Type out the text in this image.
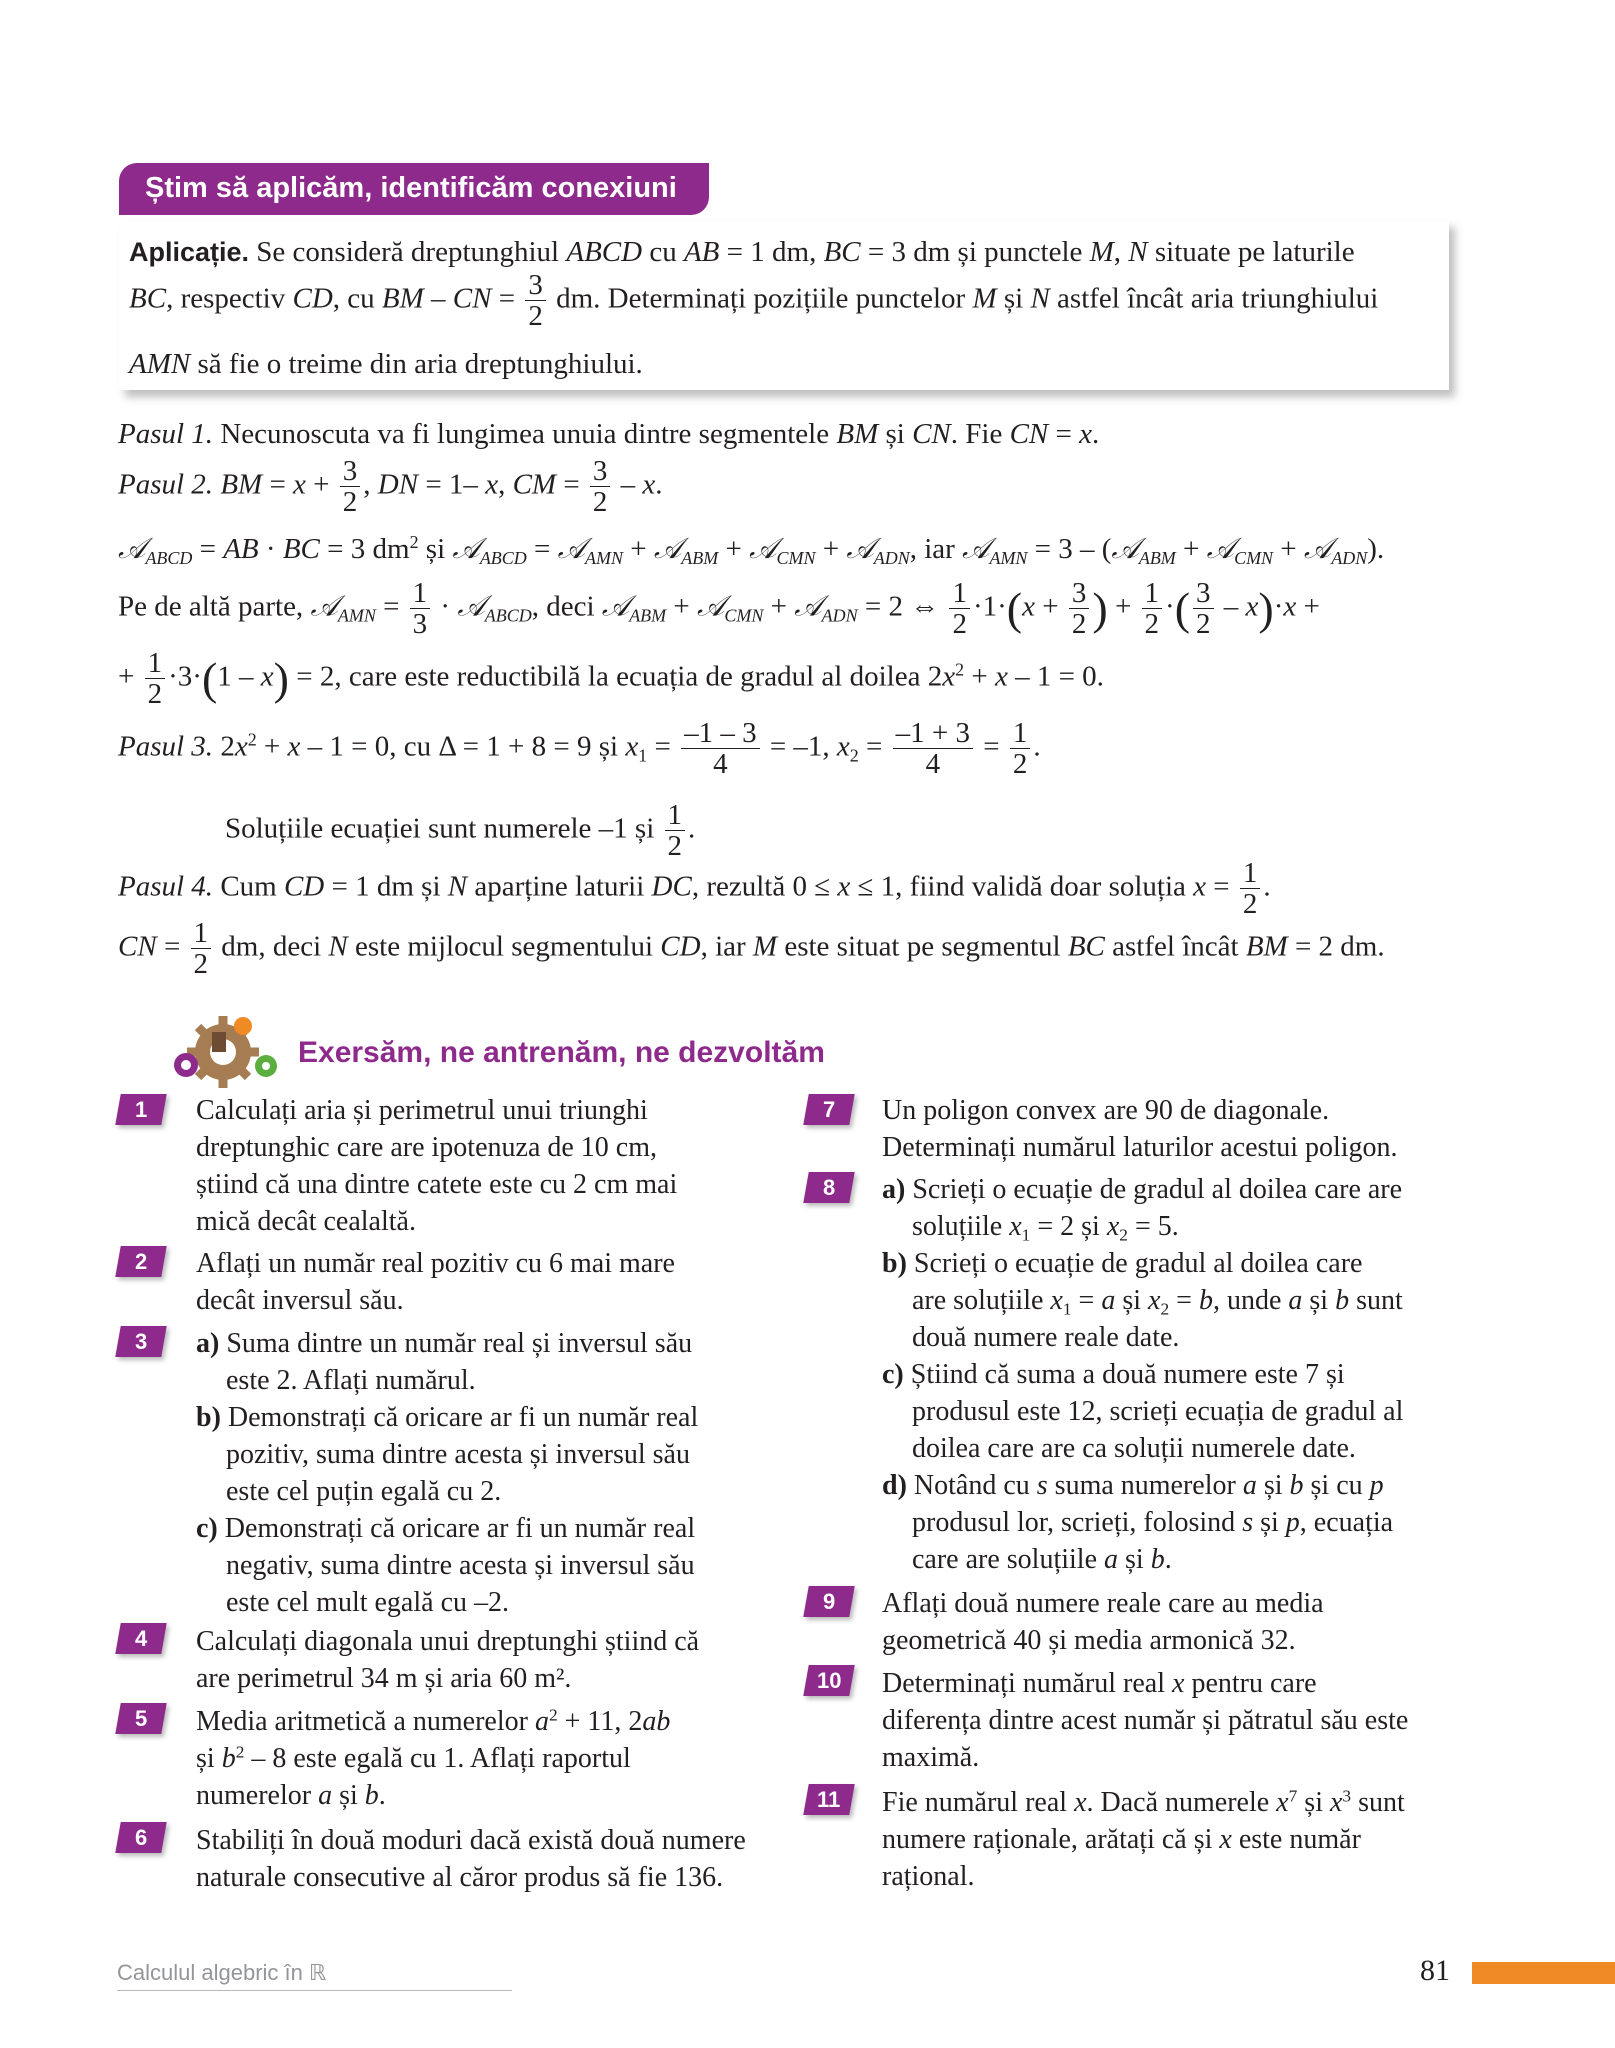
Știm să aplicăm, identificăm conexiuni
Aplicație. Se consideră dreptunghiul ABCD cu AB = 1 dm, BC = 3 dm și punctele M, N situate pe laturile
BC, respectiv CD, cu BM – CN = $\frac{3}{2}$ dm. Determinați pozițiile punctelor M și N astfel încât aria triunghiului
AMN să fie o treime din aria dreptunghiului.
Pasul 1. Necunoscuta va fi lungimea unuia dintre segmentele BM și CN. Fie CN = x.
Pasul 2. BM = $x + \frac{3}{2}$ , DN = 1– x, CM = $\frac{3}{2}$ – x.
𝒜$_{ABCD}$ = AB · BC = 3 $dm^2$ și 𝒜$_{ABCD}$ = 𝒜$_{AMN}$ + 𝒜$_{ABM}$ + 𝒜$_{CMN}$ + 𝒜$_{ADN}$, iar 𝒜$_{AMN}$ = 3 – (𝒜$_{ABM}$ + 𝒜$_{CMN}$ + 𝒜$_{ADN}$).
Pe de altă parte, 𝒜$_{AMN}$ = $\frac{1}{3}$ · 𝒜$_{ABCD}$, deci 𝒜$_{ABM}$ + 𝒜$_{CMN}$ + 𝒜$_{ADN}$ = 2 ⇔ $\frac{1}{2} \cdot 1\cdot(x + \frac{3}{2}$ ) + $\frac{1}{2}$ ·( $\frac{3}{2} - x)\cdot x$ +
+ $\frac{1}{2} \cdot 3\cdot(1 - x) = 2$, care este reductibilă la ecuația de gradul al doilea $2x^2 + x - 1 = 0$.
Pasul 3. $2x^2 + x - 1 = 0$, cu Δ = 1 + 8 = 9 și $x_1 = \frac{-1 - 3}{4} = -1$, $x_2 = \frac{-1 + 3}{4} = \frac{1}{2}$ .
Soluțiile ecuației sunt numerele –1 și $\frac{1}{2}$ .
Pasul 4. Cum CD = 1 dm și N aparține laturii DC, rezultă 0 ≤ x ≤ 1, fiind validă doar soluția $x = \frac{1}{2}$ .
CN = $\frac{1}{2}$ dm, deci N este mijlocul segmentului CD, iar M este situat pe segmentul BC astfel încât BM = 2 dm.
Exersăm, ne antrenăm, ne dezvoltăm
1	Calculați aria și perimetrul unui triunghi

dreptunghic care are ipotenuza de 10 cm,

știind că una dintre catete este cu 2 cm mai

mică decât cealaltă.

2	Aflați un număr real pozitiv cu 6 mai mare

decât inversul său.

3	a) Suma dintre un număr real și inversul său

este 2. Aflați numărul.

b) Demonstrați că oricare ar fi un număr real

pozitiv, suma dintre acesta și inversul său

este cel puțin egală cu 2.

c) Demonstrați că oricare ar fi un număr real

negativ, suma dintre acesta și inversul său

este cel mult egală cu –2.

4	Calculați diagonala unui dreptunghi știind că

are perimetrul 34 m și aria 60 m².

5	Media aritmetică a numerelor $a^2 + 11$, 2ab

și $b^2 - 8$ este egală cu 1. Aflați raportul

numerelor a și b.

6	Stabiliți în două moduri dacă există două numere

naturale consecutive al căror produs să fie 136.

7	Un poligon convex are 90 de diagonale.

Determinați numărul laturilor acestui poligon.

8	a) Scrieți o ecuație de gradul al doilea care are

soluțiile $x_1 = 2$ și $x_2 = 5$.

b) Scrieți o ecuație de gradul al doilea care

are soluțiile $x_1 = a$ și $x_2 = b$, unde a și b sunt

două numere reale date.

c) Știind că suma a două numere este 7 și

produsul este 12, scrieți ecuația de gradul al

doilea care are ca soluții numerele date.

d) Notând cu s suma numerelor a și b și cu p

produsul lor, scrieți, folosind s și p, ecuația

care are soluțiile a și b.

9	Aflați două numere reale care au media

geometrică 40 și media armonică 32.

10	Determinați numărul real x pentru care

diferența dintre acest număr și pătratul său este

maximă.

11	Fie numărul real x. Dacă numerele $x^7$ și $x^3$ sunt

numere raționale, arătați că și x este număr

rațional.

Calculul algebric în ℝ	81
